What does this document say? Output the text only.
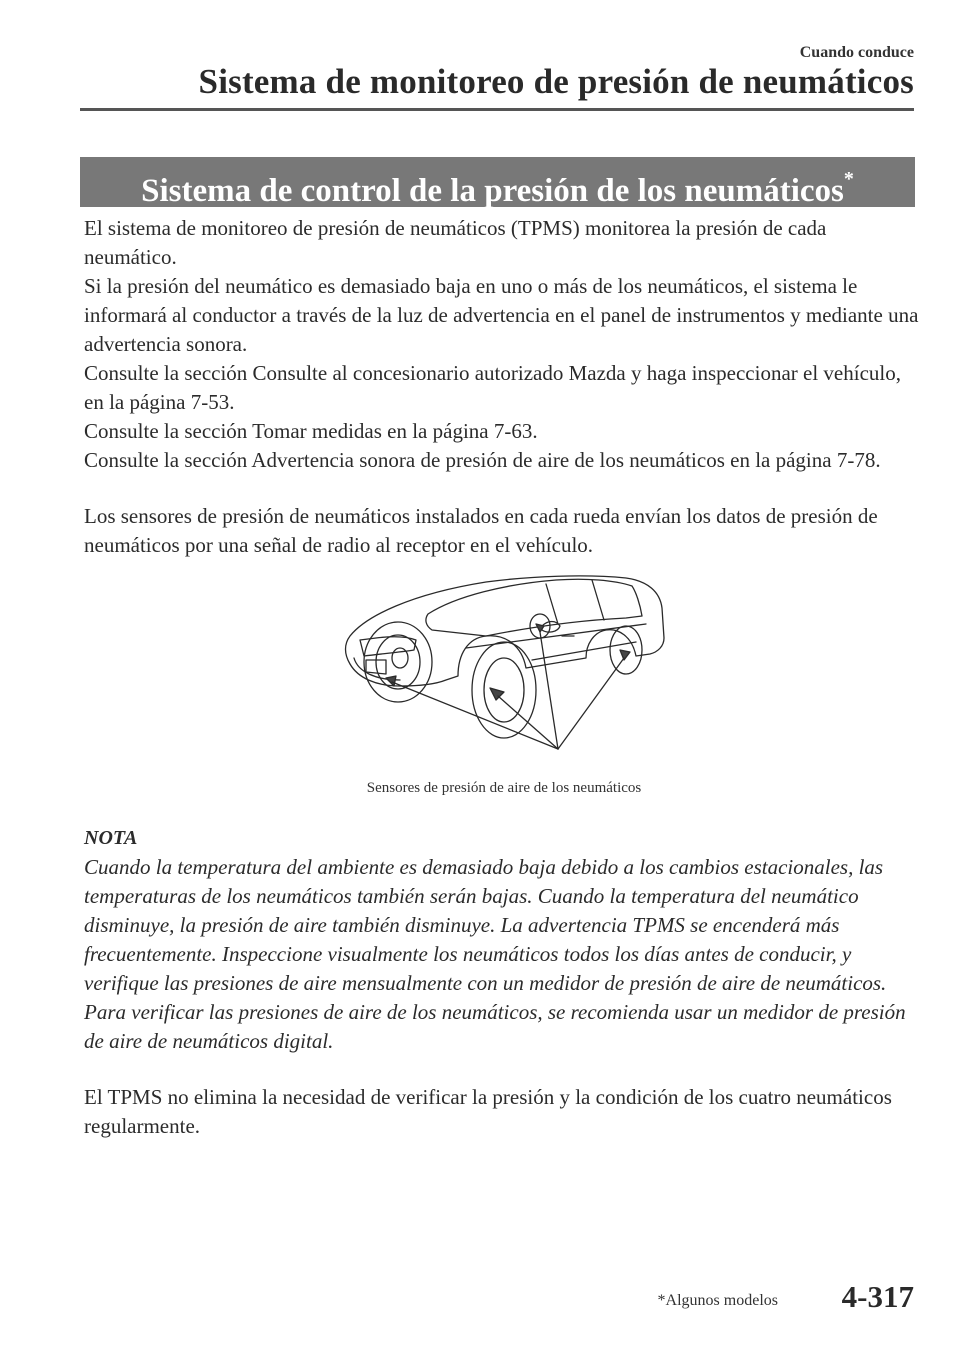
Cuando conduce
Sistema de monitoreo de presión de neumáticos
Sistema de control de la presión de los neumáticos*

El sistema de monitoreo de presión de neumáticos (TPMS) monitorea la presión de cada neumático.

Si la presión del neumático es demasiado baja en uno o más de los neumáticos, el sistema le informará al conductor a través de la luz de advertencia en el panel de instrumentos y mediante una advertencia sonora.

Consulte la sección Consulte al concesionario autorizado Mazda y haga inspeccionar el vehículo, en la página 7-53.

Consulte la sección Tomar medidas en la página 7-63.

Consulte la sección Advertencia sonora de presión de aire de los neumáticos en la página 7-78.

Los sensores de presión de neumáticos instalados en cada rueda envían los datos de presión de neumáticos por una señal de radio al receptor en el vehículo.

Sensores de presión de aire de los neumáticos
NOTA

Cuando la temperatura del ambiente es demasiado baja debido a los cambios estacionales, las temperaturas de los neumáticos también serán bajas. Cuando la temperatura del neumático disminuye, la presión de aire también disminuye. La advertencia TPMS se encenderá más frecuentemente. Inspeccione visualmente los neumáticos todos los días antes de conducir, y verifique las presiones de aire mensualmente con un medidor de presión de aire de neumáticos. Para verificar las presiones de aire de los neumáticos, se recomienda usar un medidor de presión de aire de neumáticos digital.

El TPMS no elimina la necesidad de verificar la presión y la condición de los cuatro neumáticos regularmente.

*Algunos modelos 4-317
